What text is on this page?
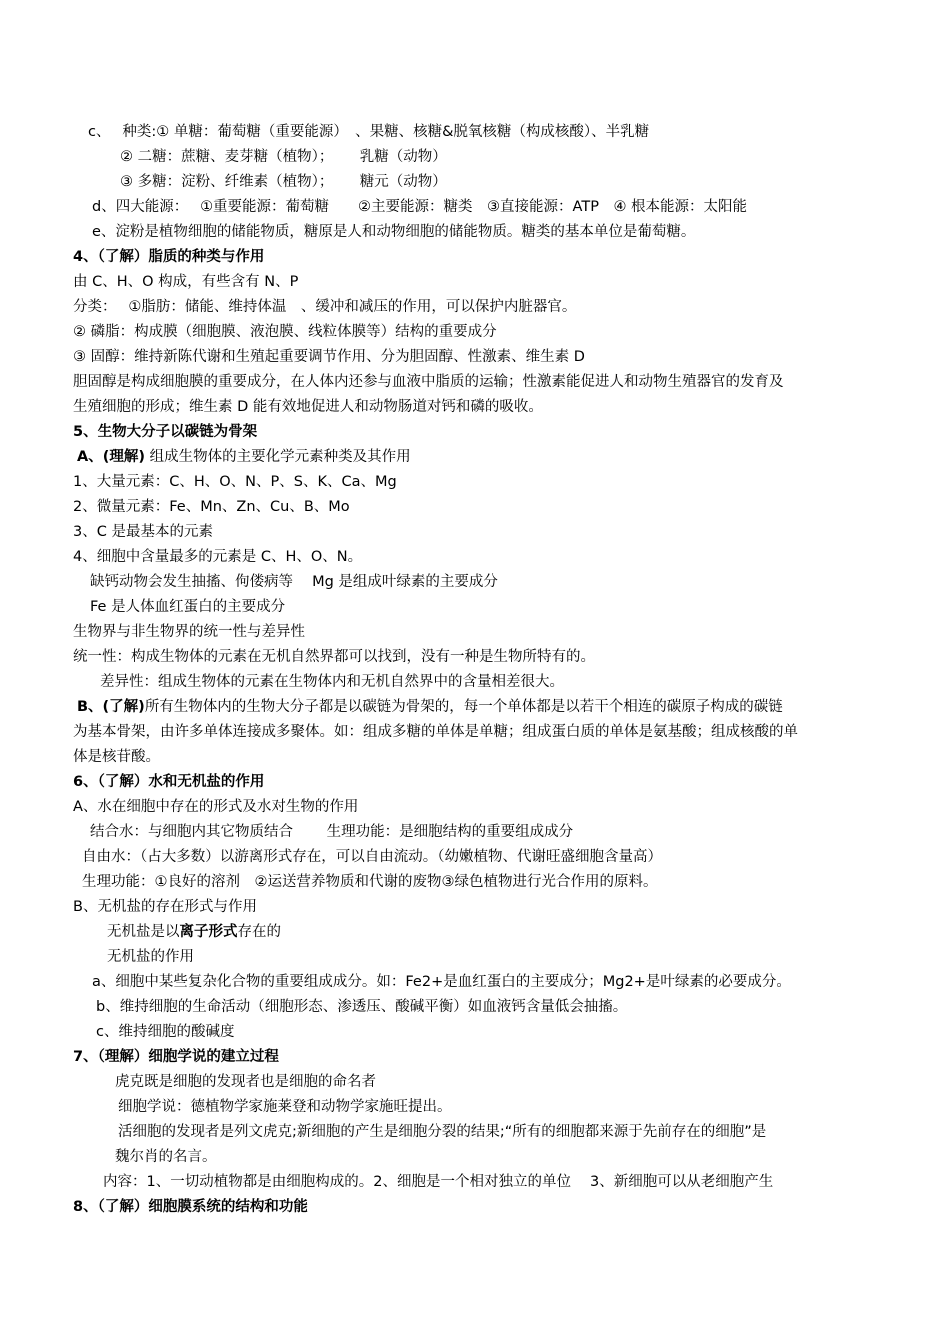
c、　 种类:① 单糖：葡萄糖（重要能源）　、果糖、核糖&脱氧核糖（构成核酸）、半乳糖
② 二糖：蔗糖、麦芽糖（植物）；　　 乳糖（动物）
③ 多糖：淀粉、纤维素（植物）；　　 糖元（动物）
d、四大能源：　 ①重要能源：葡萄糖　　②主要能源：糖类　③直接能源：ATP　④ 根本能源：太阳能
e、淀粉是植物细胞的储能物质，糖原是人和动物细胞的储能物质。糖类的基本单位是葡萄糖。
4、（了解）脂质的种类与作用
由 C、H、O 构成，有些含有 N、P
分类：　 ①脂肪：储能、维持体温　、缓冲和减压的作用，可以保护内脏器官。
② 磷脂：构成膜（细胞膜、液泡膜、线粒体膜等）结构的重要成分
③ 固醇：维持新陈代谢和生殖起重要调节作用、分为胆固醇、性激素、维生素 D
胆固醇是构成细胞膜的重要成分，在人体内还参与血液中脂质的运输；性激素能促进人和动物生殖器官的发育及
生殖细胞的形成；维生素 D 能有效地促进人和动物肠道对钙和磷的吸收。
5、生物大分子以碳链为骨架
A、(理解) 组成生物体的主要化学元素种类及其作用
1、大量元素：C、H、O、N、P、S、K、Ca、Mg
2、微量元素：Fe、Mn、Zn、Cu、B、Mo
3、C 是最基本的元素
4、细胞中含量最多的元素是 C、H、O、N。
缺钙动物会发生抽搐、佝偻病等　 Mg 是组成叶绿素的主要成分
Fe 是人体血红蛋白的主要成分
生物界与非生物界的统一性与差异性
统一性：构成生物体的元素在无机自然界都可以找到，没有一种是生物所特有的。
差异性：组成生物体的元素在生物体内和无机自然界中的含量相差很大。
B、(了解)所有生物体内的生物大分子都是以碳链为骨架的，每一个单体都是以若干个相连的碳原子构成的碳链
为基本骨架，由许多单体连接成多聚体。如：组成多糖的单体是单糖；组成蛋白质的单体是氨基酸；组成核酸的单
体是核苷酸。
6、（了解）水和无机盐的作用
A、水在细胞中存在的形式及水对生物的作用
结合水：与细胞内其它物质结合　　 生理功能：是细胞结构的重要组成成分
自由水：（占大多数）以游离形式存在，可以自由流动。（幼嫩植物、代谢旺盛细胞含量高）
生理功能：①良好的溶剂　②运送营养物质和代谢的废物③绿色植物进行光合作用的原料。
B、无机盐的存在形式与作用
无机盐是以离子形式存在的
无机盐的作用
a、细胞中某些复杂化合物的重要组成成分。如：Fe2+是血红蛋白的主要成分；Mg2+是叶绿素的必要成分。
b、维持细胞的生命活动（细胞形态、渗透压、酸碱平衡）如血液钙含量低会抽搐。
c、维持细胞的酸碱度
7、（理解）细胞学说的建立过程
虎克既是细胞的发现者也是细胞的命名者
细胞学说：德植物学家施莱登和动物学家施旺提出。
活细胞的发现者是列文虎克;新细胞的产生是细胞分裂的结果;“所有的细胞都来源于先前存在的细胞”是
魏尔肖的名言。
内容：1、一切动植物都是由细胞构成的。2、细胞是一个相对独立的单位　 3、新细胞可以从老细胞产生
8、（了解）细胞膜系统的结构和功能
